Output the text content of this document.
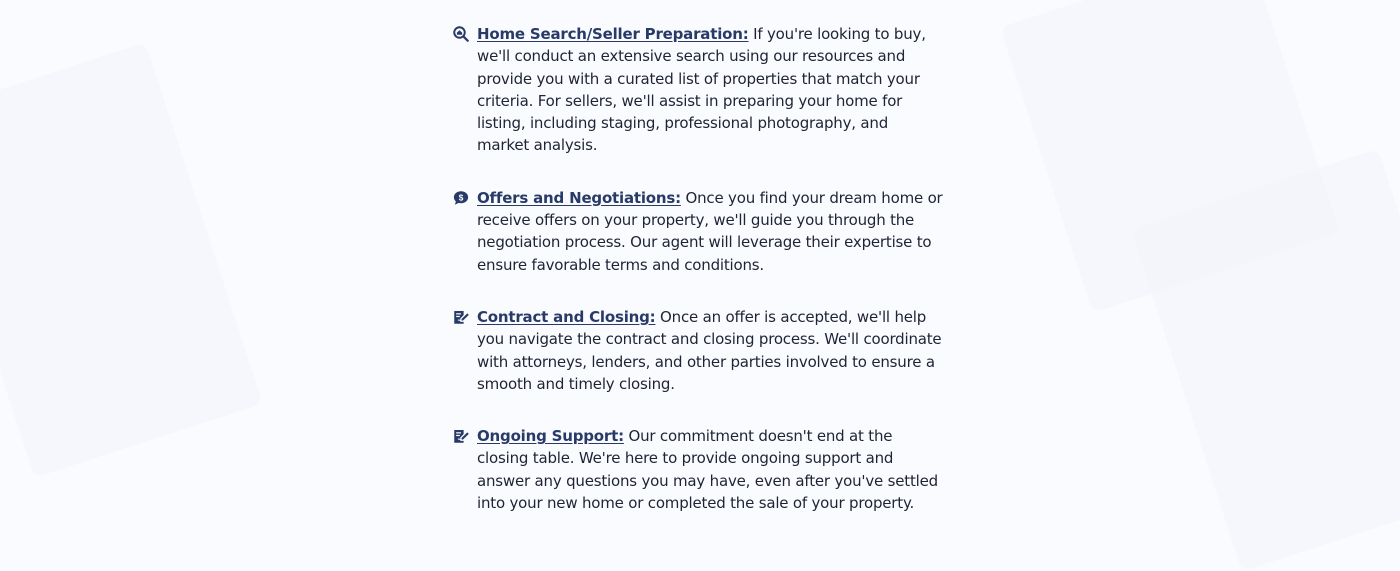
Home Search/Seller Preparation: If you're looking to buy, we'll conduct an extensive search using our resources and provide you with a curated list of properties that match your criteria. For sellers, we'll assist in preparing your home for listing, including staging, professional photography, and market analysis.
$ Offers and Negotiations: Once you find your dream home or receive offers on your property, we'll guide you through the negotiation process. Our agent will leverage their expertise to ensure favorable terms and conditions.
Contract and Closing: Once an offer is accepted, we'll help you navigate the contract and closing process. We'll coordinate with attorneys, lenders, and other parties involved to ensure a smooth and timely closing.
Ongoing Support: Our commitment doesn't end at the closing table. We're here to provide ongoing support and answer any questions you may have, even after you've settled into your new home or completed the sale of your property.
